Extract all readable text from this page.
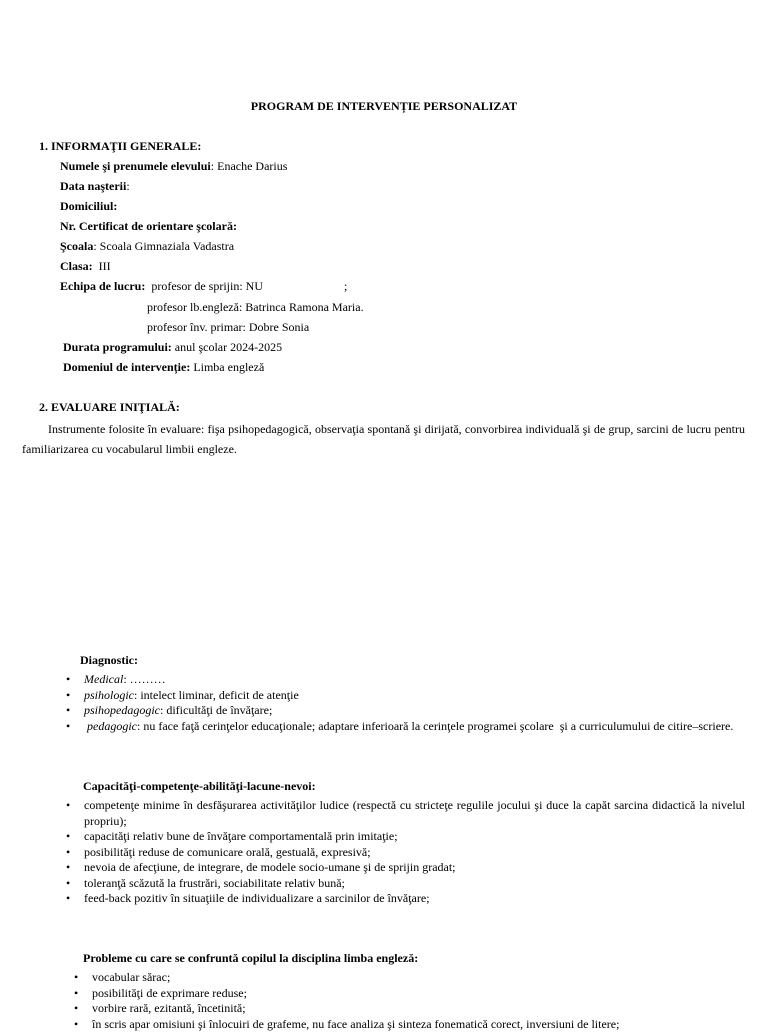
PROGRAM DE INTERVENȚIE PERSONALIZAT
1. INFORMAŢII GENERALE:
Numele şi prenumele elevului: Enache Darius
Data naşterii:
Domiciliul:
Nr. Certificat de orientare şcolară:
Şcoala: Scoala Gimnaziala Vadastra
Clasa:  III
Echipa de lucru:  profesor de sprijin: NU                           ;
profesor lb.engleză: Batrinca Ramona Maria.
profesor înv. primar: Dobre Sonia
Durata programului: anul şcolar 2024-2025
Domeniul de intervenție: Limba engleză
2. EVALUARE INIŢIALĂ:
Instrumente folosite în evaluare: fişa psihopedagogică, observaţia spontană şi dirijată, convorbirea individuală şi de grup, sarcini de lucru pentru familiarizarea cu vocabularul limbii engleze.
Diagnostic:
• Medical: ………
• psihologic: intelect liminar, deficit de atenţie
• psihopedagogic: dificultăţi de învăţare;
•  pedagogic: nu face faţă cerinţelor educaţionale; adaptare inferioară la cerinţele programei şcolare  şi a curriculumului de citire–scriere.
Capacităţi-competenţe-abilităţi-lacune-nevoi:
• competenţe minime în desfăşurarea activităţilor ludice (respectă cu stricteţe regulile jocului şi duce la capăt sarcina didactică la nivelul propriu);
• capacităţi relativ bune de învăţare comportamentală prin imitaţie;
• posibilităţi reduse de comunicare orală, gestuală, expresivă;
• nevoia de afecţiune, de integrare, de modele socio-umane şi de sprijin gradat;
• toleranţă scăzută la frustrări, sociabilitate relativ bună;
• feed-back pozitiv în situaţiile de individualizare a sarcinilor de învăţare;
Probleme cu care se confruntă copilul la disciplina limba engleză:
• vocabular sărac;
• posibilităţi de exprimare reduse;
• vorbire rară, ezitantă, încetinită;
• în scris apar omisiuni şi înlocuiri de grafeme, nu face analiza şi sinteza fonematică corect, inversiuni de litere;
